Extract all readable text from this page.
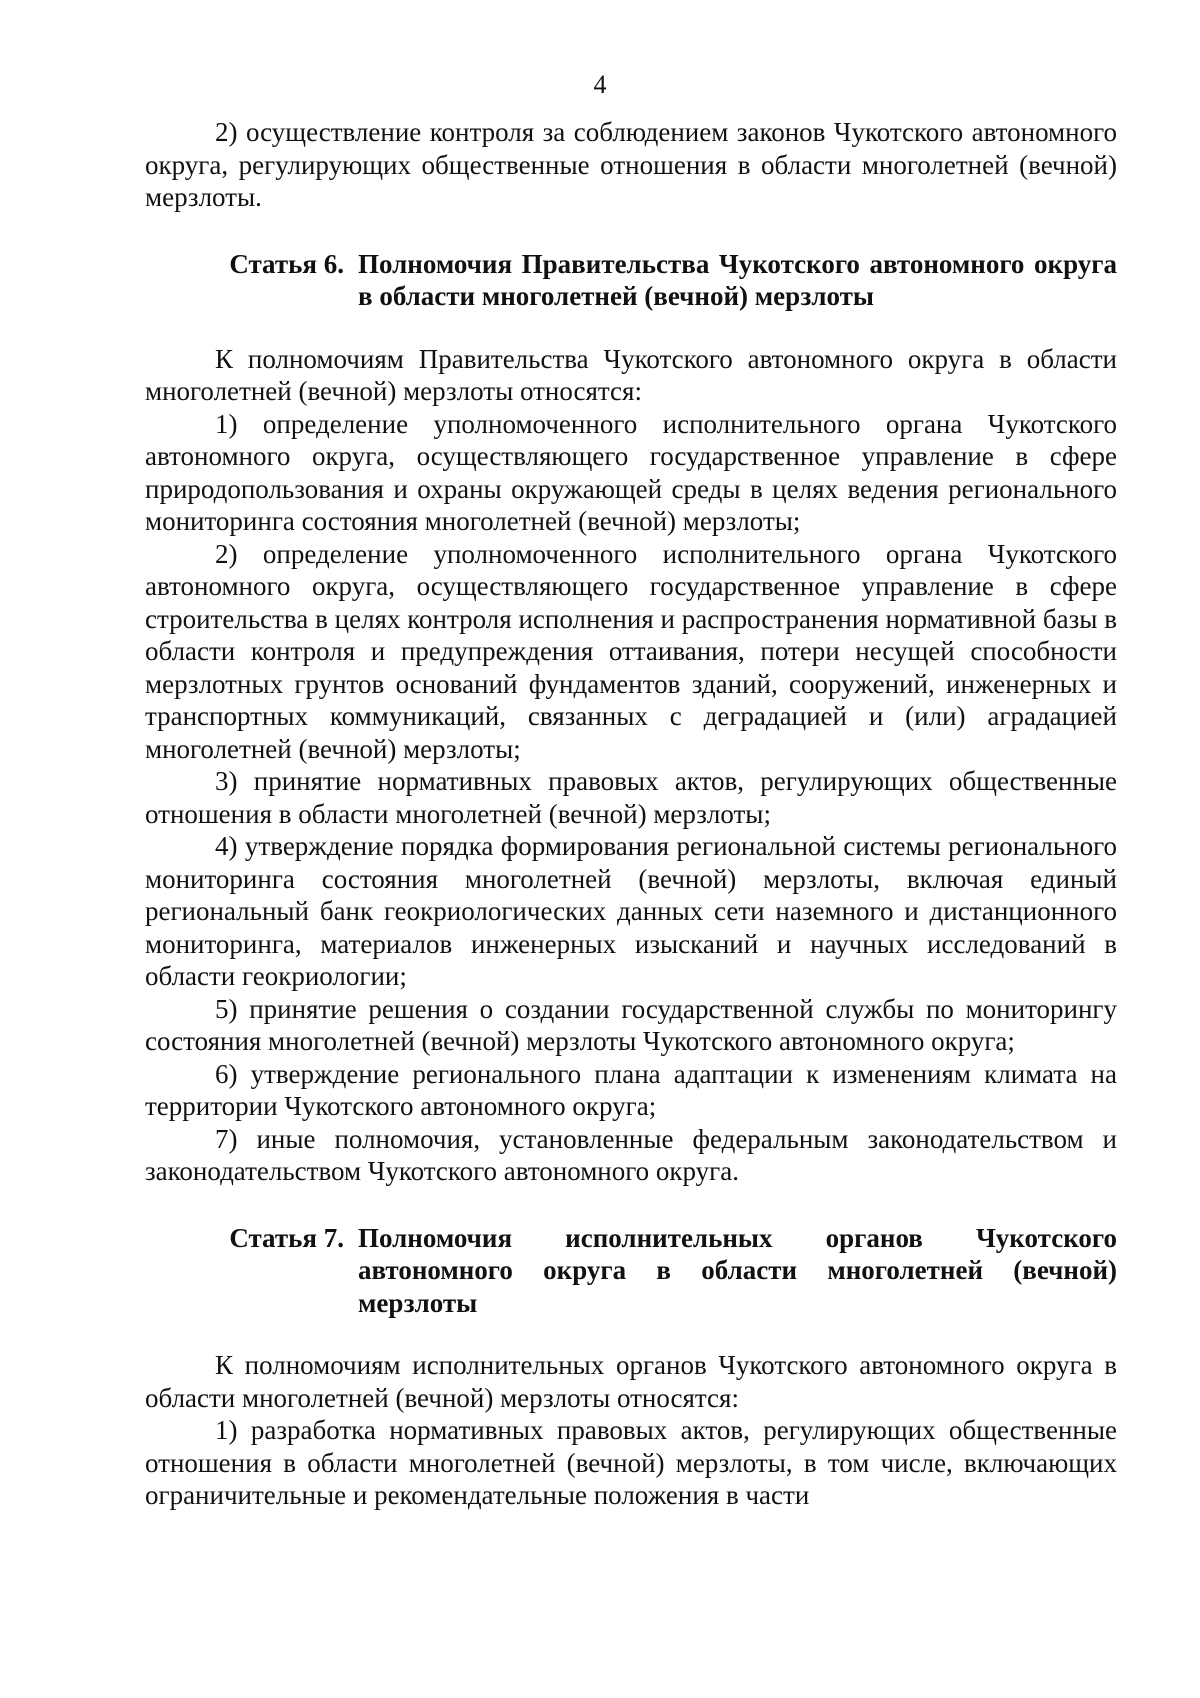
4

2) осуществление контроля за соблюдением законов Чукотского автономного округа, регулирующих общественные отношения в области многолетней (вечной) мерзлоты.

Статья 6. Полномочия Правительства Чукотского автономного округа в области многолетней (вечной) мерзлоты

К полномочиям Правительства Чукотского автономного округа в области многолетней (вечной) мерзлоты относятся:

1) определение уполномоченного исполнительного органа Чукотского автономного округа, осуществляющего государственное управление в сфере природопользования и охраны окружающей среды в целях ведения регионального мониторинга состояния многолетней (вечной) мерзлоты;

2) определение уполномоченного исполнительного органа Чукотского автономного округа, осуществляющего государственное управление в сфере строительства в целях контроля исполнения и распространения нормативной базы в области контроля и предупреждения оттаивания, потери несущей способности мерзлотных грунтов оснований фундаментов зданий, сооружений, инженерных и транспортных коммуникаций, связанных с деградацией и (или) аградацией многолетней (вечной) мерзлоты;

3) принятие нормативных правовых актов, регулирующих общественные отношения в области многолетней (вечной) мерзлоты;

4) утверждение порядка формирования региональной системы регионального мониторинга состояния многолетней (вечной) мерзлоты, включая единый региональный банк геокриологических данных сети наземного и дистанционного мониторинга, материалов инженерных изысканий и научных исследований в области геокриологии;

5) принятие решения о создании государственной службы по мониторингу состояния многолетней (вечной) мерзлоты Чукотского автономного округа;

6) утверждение регионального плана адаптации к изменениям климата на территории Чукотского автономного округа;

7) иные полномочия, установленные федеральным законодательством и законодательством Чукотского автономного округа.

Статья 7. Полномочия исполнительных органов Чукотского автономного округа в области многолетней (вечной) мерзлоты

К полномочиям исполнительных органов Чукотского автономного округа в области многолетней (вечной) мерзлоты относятся:

1) разработка нормативных правовых актов, регулирующих общественные отношения в области многолетней (вечной) мерзлоты, в том числе, включающих ограничительные и рекомендательные положения в части
